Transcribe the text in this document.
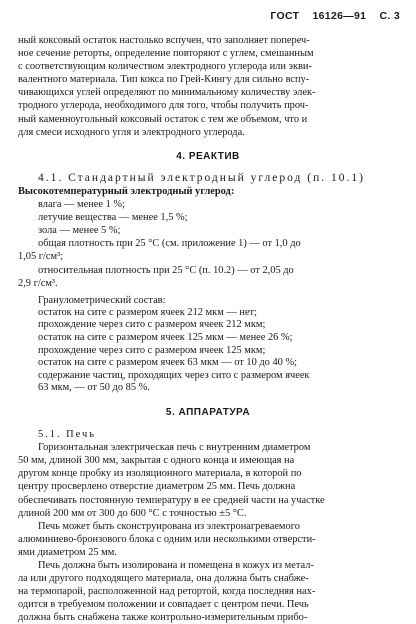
ГОСТ 16126—91 С. 3

ный коксовый остаток настолько вспучен, что заполняет попереч-

ное сечение реторты, определение повторяют с углем, смешанным

с соответствующим количеством электродного углерода или экви-

валентного материала. Тип кокса по Грей-Кингу для сильно вспу-

чивающихся углей определяют по минимальному количеству элек-

тродного углерода, необходимого для того, чтобы получить проч-

ный каменноугольный коксовый остаток с тем же объемом, что и

для смеси исходного угля и электродного углерода.

4. РЕАКТИВ

4.1. Стандартный электродный углерод (п. 10.1)

Высокотемпературный электродный углерод:

влага — менее 1 %;

летучие вещества — менее 1,5 %;

зола — менее 5 %;

общая плотность при 25 °С (см. приложение 1) — от 1,0 до

1,05 г/см³;

относительная плотность при 25 °С (п. 10.2) — от 2,05 до

2,9 г/см³.

Гранулометрический состав:

остаток на сите с размером ячеек 212 мкм — нет;

прохождение через сито с размером ячеек 212 мкм;

остаток на сите с размером ячеек 125 мкм — менее 26 %;

прохождение через сито с размером ячеек 125 мкм;

остаток на сите с размером ячеек 63 мкм — от 10 до 40 %;

содержание частиц, проходящих через сито с размером ячеек

63 мкм, — от 50 до 85 %.

5. АППАРАТУРА

5.1. Печь

Горизонтальная электрическая печь с внутренним диаметром

50 мм, длиной 300 мм, закрытая с одного конца и имеющая на

другом конце пробку из изоляционного материала, в которой по

центру просверлено отверстие диаметром 25 мм. Печь должна

обеспечивать постоянную температуру в ее средней части на участке

длиной 200 мм от 300 до 600 °С с точностью ±5 °С.

Печь может быть сконструирована из электронагреваемого

алюминиево-бронзового блока с одним или несколькими отверсти-

ями диаметром 25 мм.

Печь должна быть изолирована и помещена в кожух из метал-

ла или другого подходящего материала, она должна быть снабже-

на термопарой, расположенной над ретортой, когда последняя нах-

одится в требуемом положении и совпадает с центром печи. Печь

должна быть снабжена также контрольно-измерительным прибо-
